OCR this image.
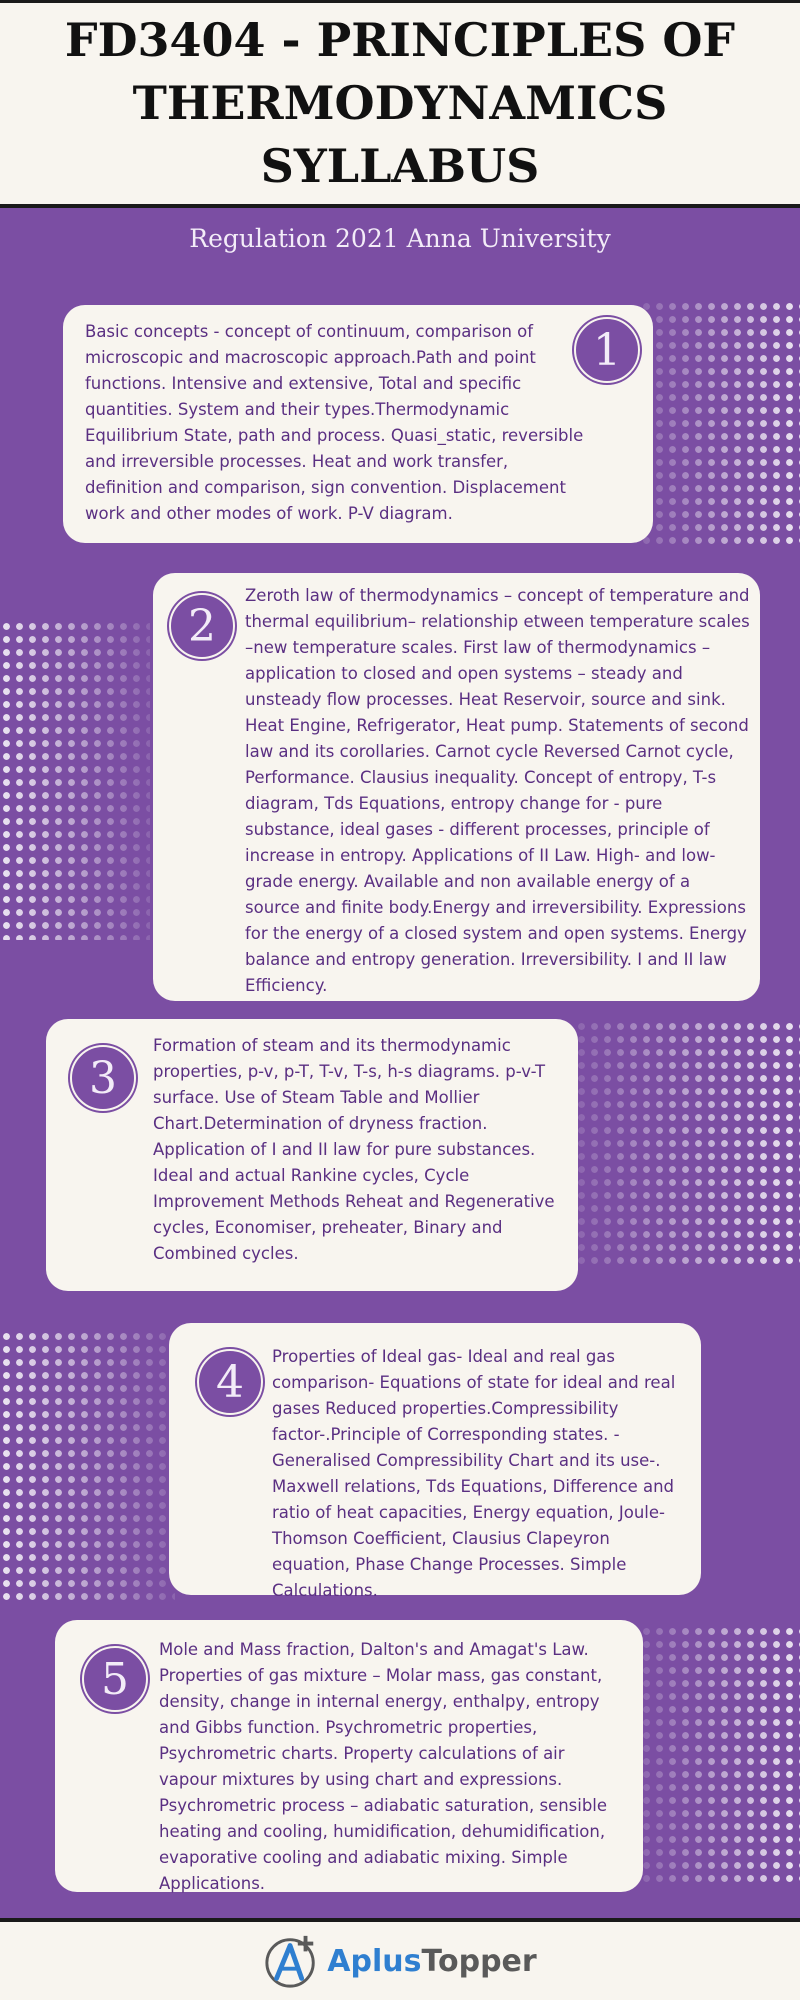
FD3404 - PRINCIPLES OF THERMODYNAMICS SYLLABUS
Regulation 2021 Anna University
Basic concepts - concept of continuum, comparison of microscopic and macroscopic approach.Path and point functions. Intensive and extensive, Total and specific quantities. System and their types.Thermodynamic Equilibrium State, path and process. Quasi_static, reversible and irreversible processes. Heat and work transfer, definition and comparison, sign convention. Displacement work and other modes of work. P-V diagram.
1
2
Zeroth law of thermodynamics – concept of temperature and thermal equilibrium– relationship etween temperature scales –new temperature scales. First law of thermodynamics – application to closed and open systems – steady and unsteady flow processes. Heat Reservoir, source and sink. Heat Engine, Refrigerator, Heat pump. Statements of second law and its corollaries. Carnot cycle Reversed Carnot cycle, Performance. Clausius inequality. Concept of entropy, T-s diagram, Tds Equations, entropy change for - pure substance, ideal gases - different processes, principle of increase in entropy. Applications of II Law. High- and low-grade energy. Available and non available energy of a source and finite body.Energy and irreversibility. Expressions for the energy of a closed system and open systems. Energy balance and entropy generation. Irreversibility. I and II law Efficiency.
3
Formation of steam and its thermodynamic properties, p-v, p-T, T-v, T-s, h-s diagrams. p-v-T surface. Use of Steam Table and Mollier Chart.Determination of dryness fraction. Application of I and II law for pure substances. Ideal and actual Rankine cycles, Cycle Improvement Methods Reheat and Regenerative cycles, Economiser, preheater, Binary and Combined cycles.
4	Properties of Ideal gas- Ideal and real gas comparison- Equations of state for ideal and real gases Reduced properties.Compressibility factor-.Principle of Corresponding states. -Generalised Compressibility Chart and its use-. Maxwell relations, Tds Equations, Difference and ratio of heat capacities, Energy equation, Joule-Thomson Coefficient, Clausius Clapeyron equation, Phase Change Processes. Simple Calculations.
5
Mole and Mass fraction, Dalton's and Amagat's Law. Properties of gas mixture – Molar mass, gas constant, density, change in internal energy, enthalpy, entropy and Gibbs function. Psychrometric properties, Psychrometric charts. Property calculations of air vapour mixtures by using chart and expressions. Psychrometric process – adiabatic saturation, sensible heating and cooling, humidification, dehumidification, evaporative cooling and adiabatic mixing. Simple Applications.
AplusTopper
